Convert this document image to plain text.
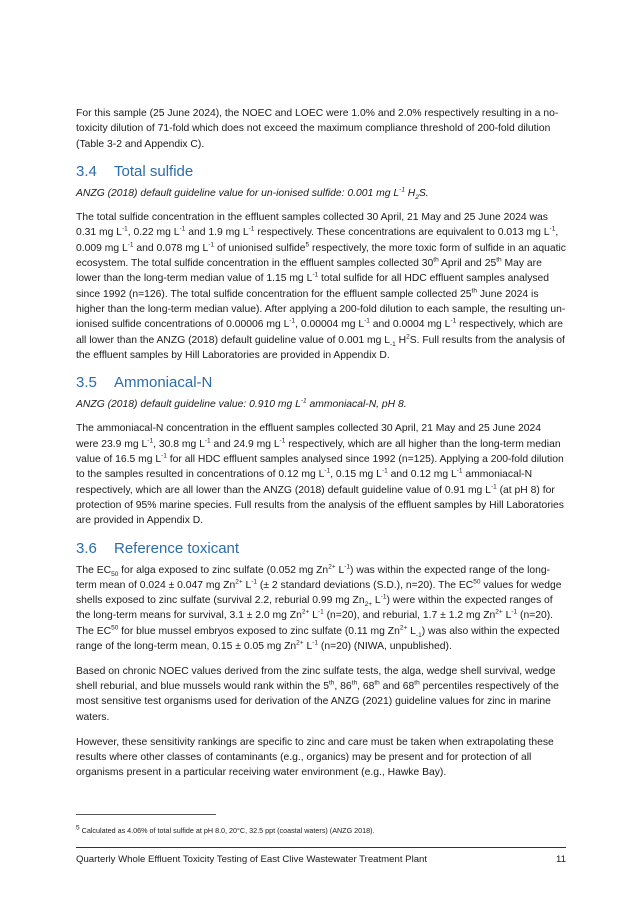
For this sample (25 June 2024), the NOEC and LOEC were 1.0% and 2.0% respectively resulting in a no-toxicity dilution of 71-fold which does not exceed the maximum compliance threshold of 200-fold dilution (Table 3-2 and Appendix C).

3.4 Total sulfide

ANZG (2018) default guideline value for un-ionised sulfide: 0.001 mg $L^{-1}$ $H_2S$.

The total sulfide concentration in the effluent samples collected 30 April, 21 May and 25 June 2024 was 0.31 mg $L^{-1}$, 0.22 mg $L^{-1}$ and 1.9 mg $L^{-1}$ respectively. These concentrations are equivalent to 0.013 mg $L^{-1}$, 0.009 mg $L^{-1}$ and 0.078 mg $L^{-1}$ of unionised sulfide$^5$ respectively, the more toxic form of sulfide in an aquatic ecosystem. The total sulfide concentration in the effluent samples collected 30th April and 25th May are lower than the long-term median value of 1.15 mg $L^{-1}$ total sulfide for all HDC effluent samples analysed since 1992 (n=126). The total sulfide concentration for the effluent sample collected 25th June 2024 is higher than the long-term median value). After applying a 200-fold dilution to each sample, the resulting un-ionised sulfide concentrations of 0.00006 mg $L^{-1}$, 0.00004 mg $L^{-1}$ and 0.0004 mg $L^{-1}$ respectively, which are all lower than the ANZG (2018) default guideline value of 0.001 mg $L_{-1}$ $H^2S$. Full results from the analysis of the effluent samples by Hill Laboratories are provided in Appendix D.

3.5 Ammoniacal-N

ANZG (2018) default guideline value: 0.910 mg $L^{-1}$ ammoniacal-N, pH 8.

The ammoniacal-N concentration in the effluent samples collected 30 April, 21 May and 25 June 2024 were 23.9 mg $L^{-1}$, 30.8 mg $L^{-1}$ and 24.9 mg $L^{-1}$ respectively, which are all higher than the long-term median value of 16.5 mg $L^{-1}$ for all HDC effluent samples analysed since 1992 (n=125). Applying a 200-fold dilution to the samples resulted in concentrations of 0.12 mg $L^{-1}$, 0.15 mg $L^{-1}$ and 0.12 mg $L^{-1}$ ammoniacal-N respectively, which are all lower than the ANZG (2018) default guideline value of 0.91 mg $L^{-1}$ (at pH 8) for protection of 95% marine species. Full results from the analysis of the effluent samples by Hill Laboratories are provided in Appendix D.

3.6 Reference toxicant

The $EC_{50}$ for alga exposed to zinc sulfate (0.052 mg $Zn^{2+}$ $L^{-1}$) was within the expected range of the long-term mean of 0.024 ± 0.047 mg $Zn^{2+}$ $L^{-1}$ (± 2 standard deviations (S.D.), n=20). The EC$^{50}$ values for wedge shells exposed to zinc sulfate (survival 2.2, reburial 0.99 mg $Zn_{2+}$ $L^{-1}$) were within the expected ranges of the long-term means for survival, 3.1 ± 2.0 mg $Zn^{2+}$ $L^{-1}$ (n=20), and reburial, 1.7 ± 1.2 mg $Zn^{2+}$ $L^{-1}$ (n=20). The EC$^{50}$ for blue mussel embryos exposed to zinc sulfate (0.11 mg $Zn^{2+}$ $L_{-1}$) was also within the expected range of the long-term mean, 0.15 ± 0.05 mg $Zn^{2+}$ $L^{-1}$ (n=20) (NIWA, unpublished).

Based on chronic NOEC values derived from the zinc sulfate tests, the alga, wedge shell survival, wedge shell reburial, and blue mussels would rank within the 5th, 86th, 68th and 68th percentiles respectively of the most sensitive test organisms used for derivation of the ANZG (2021) guideline values for zinc in marine waters.

However, these sensitivity rankings are specific to zinc and care must be taken when extrapolating these results where other classes of contaminants (e.g., organics) may be present and for protection of all organisms present in a particular receiving water environment (e.g., Hawke Bay).

$^5$ Calculated as 4.06% of total sulfide at pH 8.0, 20°C, 32.5 ppt (coastal waters) (ANZG 2018).
Quarterly Whole Effluent Toxicity Testing of East Clive Wastewater Treatment Plant	11
